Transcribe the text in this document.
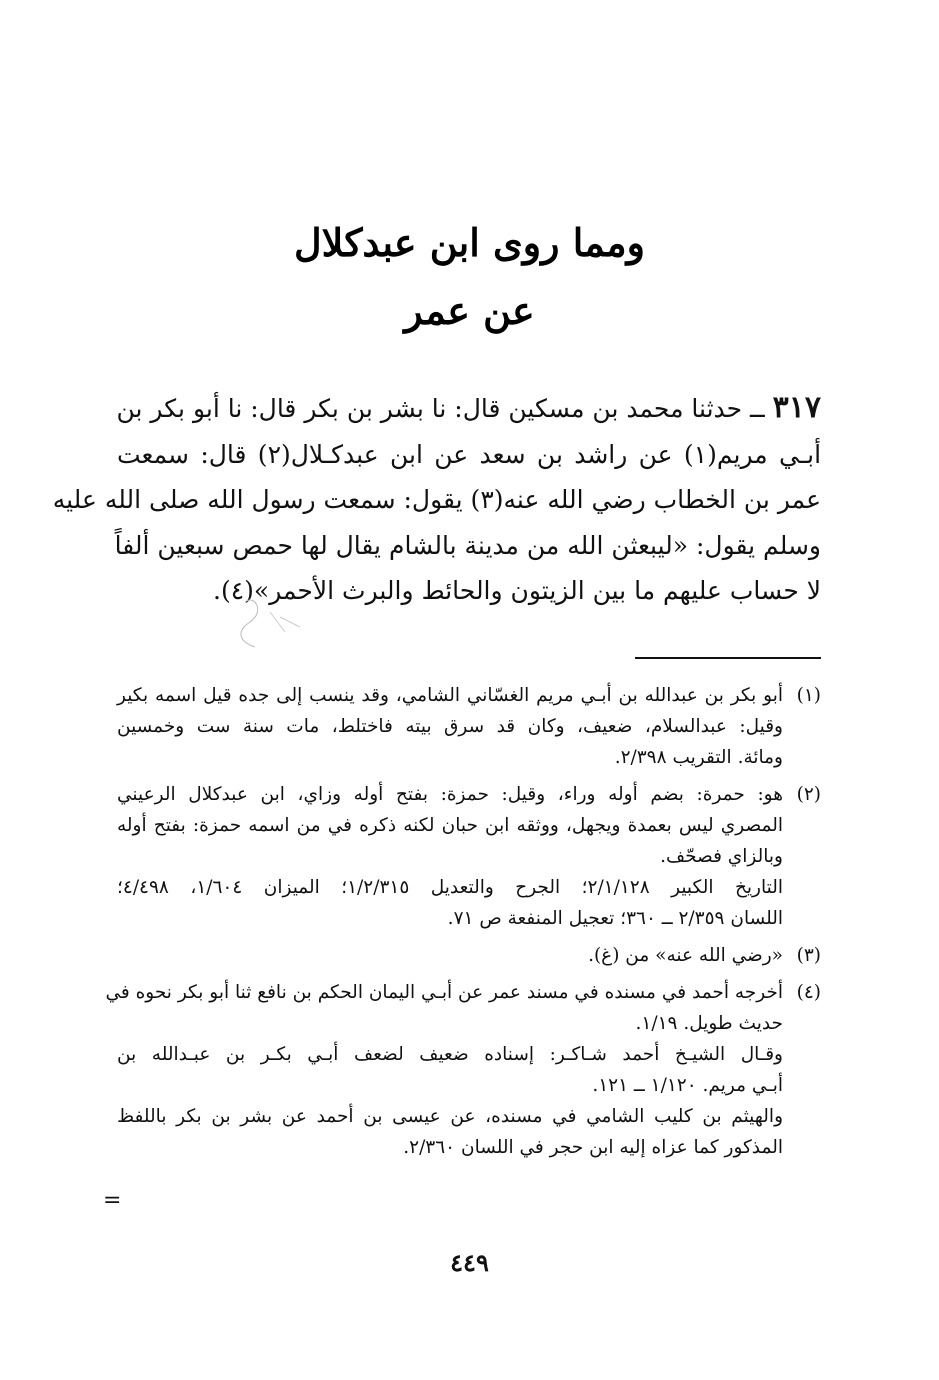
ومما روى ابن عبدكلال
عن عمر
٣١٧ ــ حدثنا محمد بن مسكين قال: نا بشر بن بكر قال: نا أبو بكر بن
أبـي مريم(١) عن راشد بن سعد عن ابن عبدكـلال(٢) قال: سمعت
عمر بن الخطاب رضي الله عنه(٣) يقول: سمعت رسول الله صلى الله عليه
وسلم يقول: «ليبعثن الله من مدينة بالشام يقال لها حمص سبعين ألفاً
لا حساب عليهم ما بين الزيتون والحائط والبرث الأحمر»(٤).
(١)
أبو بكر بن عبدالله بن أبـي مريم الغسّاني الشامي، وقد ينسب إلى جده قيل اسمه بكير
وقيل: عبدالسلام، ضعيف، وكان قد سرق بيته فاختلط، مات سنة ست وخمسين
ومائة. التقريب ٢/٣٩٨.
(٢)
هو: حمرة: بضم أوله وراء، وقيل: حمزة: بفتح أوله وزاي، ابن عبدكلال الرعيني
المصري ليس بعمدة ويجهل، ووثقه ابن حبان لكنه ذكره في من اسمه حمزة: بفتح أوله
وبالزاي فصحّف.
التاريخ الكبير ٢/١/١٢٨؛ الجرح والتعديل ١/٢/٣١٥؛ الميزان ١/٦٠٤، ٤/٤٩٨؛
اللسان ٢/٣٥٩ ــ ٣٦٠؛ تعجيل المنفعة ص ٧١.
(٣)
«رضي الله عنه» من (غ).
(٤)
أخرجه أحمد في مسنده في مسند عمر عن أبـي اليمان الحكم بن نافع ثنا أبو بكر نحوه في
حديث طويل. ١/١٩.
وقـال الشيـخ أحمد شـاكـر: إسناده ضعيف لضعف أبـي بكـر بن عبـدالله بن
أبـي مريم. ١/١٢٠ ــ ١٢١.
والهيثم بن كليب الشامي في مسنده، عن عيسى بن أحمد عن بشر بن بكر باللفظ
المذكور كما عزاه إليه ابن حجر في اللسان ٢/٣٦٠.
=
٤٤٩
